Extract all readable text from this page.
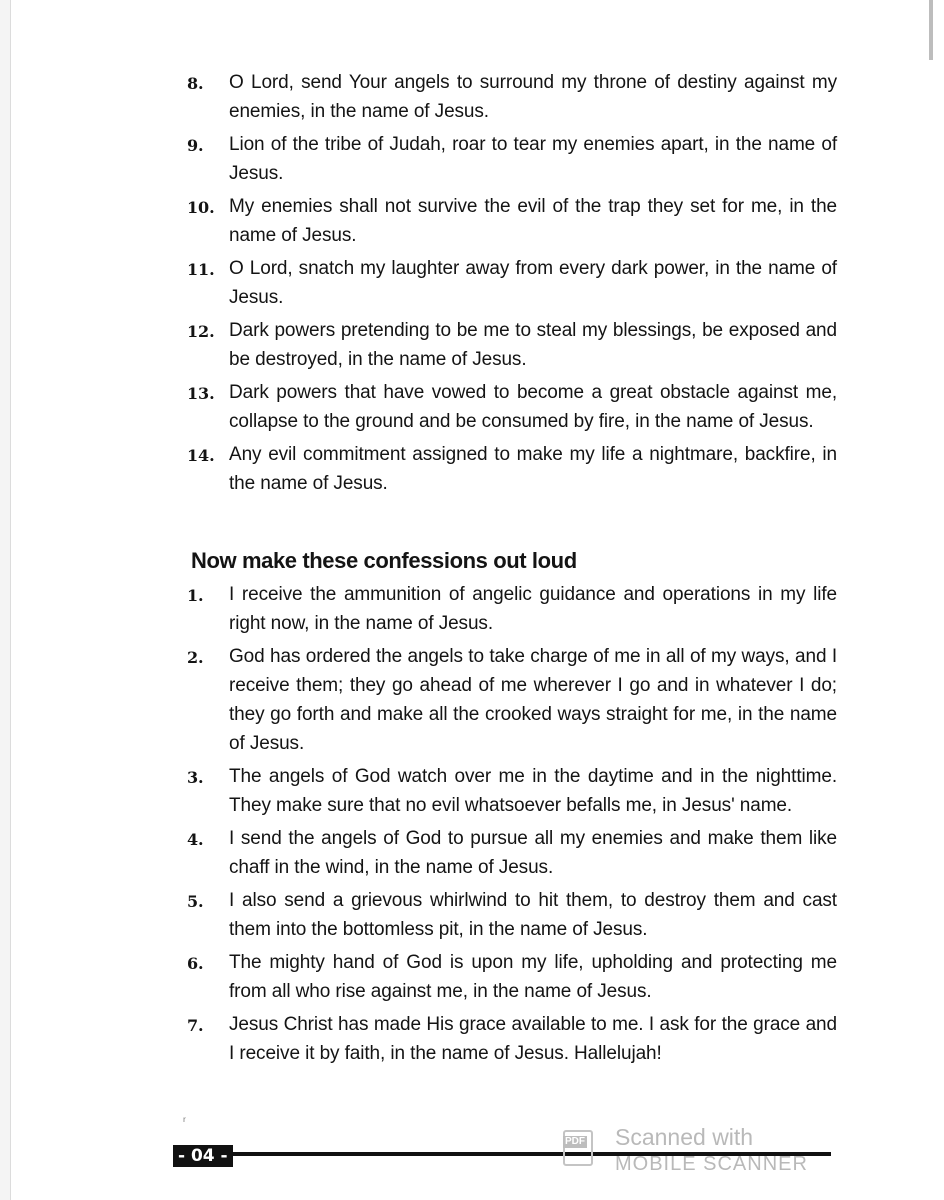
8.	O Lord, send Your angels to surround my throne of destiny against my enemies, in the name of Jesus.
9.	Lion of the tribe of Judah, roar to tear my enemies apart, in the name of Jesus.
10. My enemies shall not survive the evil of the trap they set for me, in the name of Jesus.
11. O Lord, snatch my laughter away from every dark power, in the name of Jesus.
12. Dark powers pretending to be me to steal my blessings, be exposed and be destroyed, in the name of Jesus.
13. Dark powers that have vowed to become a great obstacle against me, collapse to the ground and be consumed by fire, in the name of Jesus.
14. Any evil commitment assigned to make my life a nightmare, backfire, in the name of Jesus.
Now make these confessions out loud
1.	I receive the ammunition of angelic guidance and operations in my life right now, in the name of Jesus.
2.	God has ordered the angels to take charge of me in all of my ways, and I receive them; they go ahead of me wherever I go and in whatever I do; they go forth and make all the crooked ways straight for me, in the name of Jesus.
3.	The angels of God watch over me in the daytime and in the nighttime. They make sure that no evil whatsoever befalls me, in Jesus' name.
4.	I send the angels of God to pursue all my enemies and make them like chaff in the wind, in the name of Jesus.
5.	I also send a grievous whirlwind to hit them, to destroy them and cast them into the bottomless pit, in the name of Jesus.
6.	The mighty hand of God is upon my life, upholding and protecting me from all who rise against me, in the name of Jesus.
7.	Jesus Christ has made His grace available to me. I ask for the grace and I receive it by faith, in the name of Jesus. Hallelujah!
ʳ
- 04 -
PDF Scanned with
MOBILE SCANNER
